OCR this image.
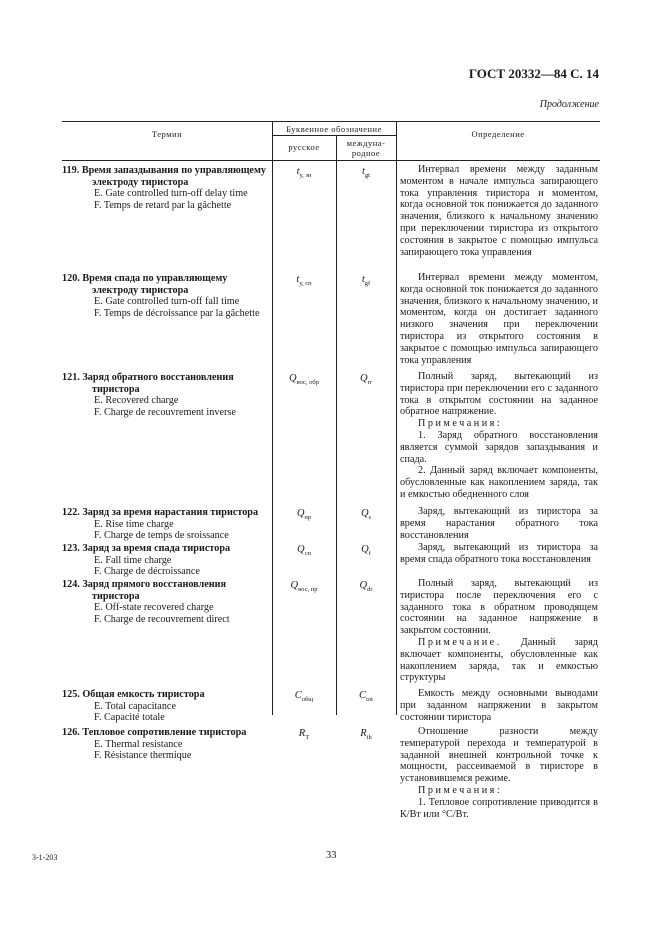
ГОСТ 20332—84 С. 14
Продолжение
Термин	Буквенное обозначение
русское	междуна-
родное
Определение
119. Время запаздывания по управляющему электроду тиристора
E. Gate controlled turn-off delay time
F. Temps de retard par la gâchette
$t_{у, зн}$	$t_{gt}$

Интервал времени между заданным моментом в начале импульса запирающего тока управления тиристора и моментом, когда основной ток понижается до заданного значения, близкого к начальному значению при переключении тиристора из открытого состояния в закрытое с помощью импульса запирающего тока управления

120. Время спада по управляющему электроду тиристора
E. Gate controlled turn-off fall time
F. Temps de décroissance par la gâchette
$t_{у, сп}$	$t_{gf}$

Интервал времени между моментом, когда основной ток понижается до заданного значения, близкого к начальному значению, и моментом, когда он достигает заданного низкого значения при переключении тиристора из открытого состояния в закрытое с помощью импульса запирающего тока управления

121. Заряд обратного восстановления тиристора
E. Recovered charge
F. Charge de recouvrement inverse
$Q_{вос, обр}$	$Q_{rr}$

Полный заряд, вытекающий из тиристора при переключении его с заданного тока в открытом состоянии на заданное обратное напряжение.

Примечания:

1. Заряд обратного восстановления является суммой зарядов запаздывания и спада.

2. Данный заряд включает компоненты, обусловленные как накоплением заряда, так и емкостью обедненного слоя

122. Заряд за время нарастания тиристора
E. Rise time charge
F. Charge de temps de sroissance
$Q_{нр}$	$Q_s$

Заряд, вытекающий из тиристора за время нарастания обратного тока восстановления

123. Заряд за время спада тиристора
E. Fall time charge
F. Charge de décroissance
$Q_{сп}$	$Q_f$

Заряд, вытекающий из тиристора за время спада обратного тока восстановления

124. Заряд прямого восстановления тиристора
E. Off-state recovered charge
F. Charge de recouvrement direct
$Q_{вос, пр}$	$Q_{dr}$

Полный заряд, вытекающий из тиристора после переключения его с заданного тока в обратном проводящем состоянии на заданное напряжение в закрытом состоянии.

Примечание. Данный заряд включает компоненты, обусловленные как накоплением заряда, так и емкостью структуры

125. Общая емкость тиристора
E. Total capacitance
F. Capacité totale
$C_{общ}$	$C_{tot}$

Емкость между основными выводами при заданном напряжении в закрытом состоянии тиристора

126. Тепловое сопротивление тиристора
E. Thermal resistance
F. Résistance thermique
$R_T$	$R_{th}$

Отношение разности между температурой перехода и температурой в заданной внешней контрольной точке к мощности, рассеиваемой в тиристоре в установившемся режиме.

Примечания:

1. Тепловое сопротивление приводится в К/Вт или °С/Вт.

3-1-203	33
